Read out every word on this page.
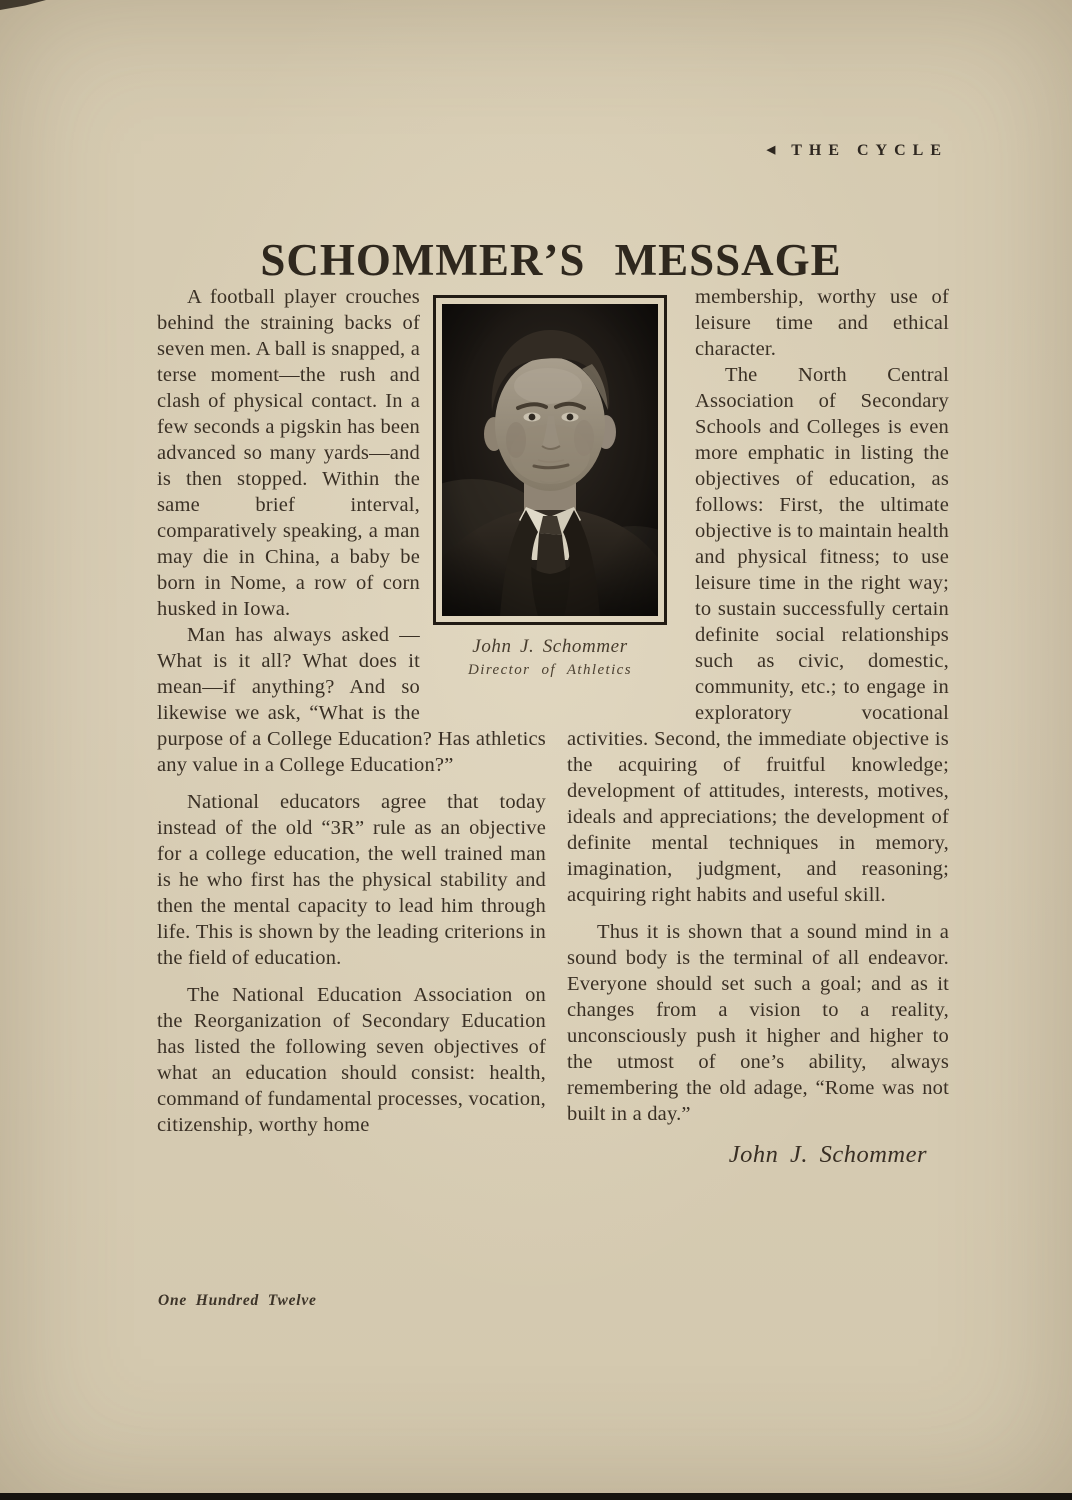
◀ THE CYCLE
SCHOMMER’S MESSAGE

A football player crouches behind the straining backs of seven men. A ball is snapped, a terse moment—the rush and clash of physical contact. In a few seconds a pigskin has been advanced so many yards—and is then stopped. Within the same brief interval, comparatively speaking, a man may die in China, a baby be born in Nome, a row of corn husked in Iowa.

Man has always asked — What is it all? What does it mean—if anything? And so likewise we ask, “What is the purpose of a College Education? Has athletics any value in a College Education?”

National educators agree that today instead of the old “3R” rule as an objective for a college education, the well trained man is he who first has the physical stability and then the mental capacity to lead him through life. This is shown by the leading criterions in the field of education.

The National Education Association on the Reorganization of Secondary Education has listed the following seven objectives of what an education should consist: health, command of fundamental processes, vocation, citizenship, worthy home

membership, worthy use of leisure time and ethical character.

The North Central Association of Secondary Schools and Colleges is even more emphatic in listing the objectives of education, as follows: First, the ultimate objective is to maintain health and physical fitness; to use leisure time in the right way; to sustain successfully certain definite social relationships such as civic, domestic, community, etc.; to engage in exploratory vocational activities. Second, the immediate objective is the acquiring of fruitful knowledge; development of attitudes, interests, motives, ideals and appreciations; the development of definite mental techniques in memory, imagination, judgment, and reasoning; acquiring right habits and useful skill.

Thus it is shown that a sound mind in a sound body is the terminal of all endeavor. Everyone should set such a goal; and as it changes from a vision to a reality, unconsciously push it higher and higher to the utmost of one’s ability, always remembering the old adage, “Rome was not built in a day.”

John J. Schommer
John J. Schommer
Director of Athletics
One Hundred Twelve
